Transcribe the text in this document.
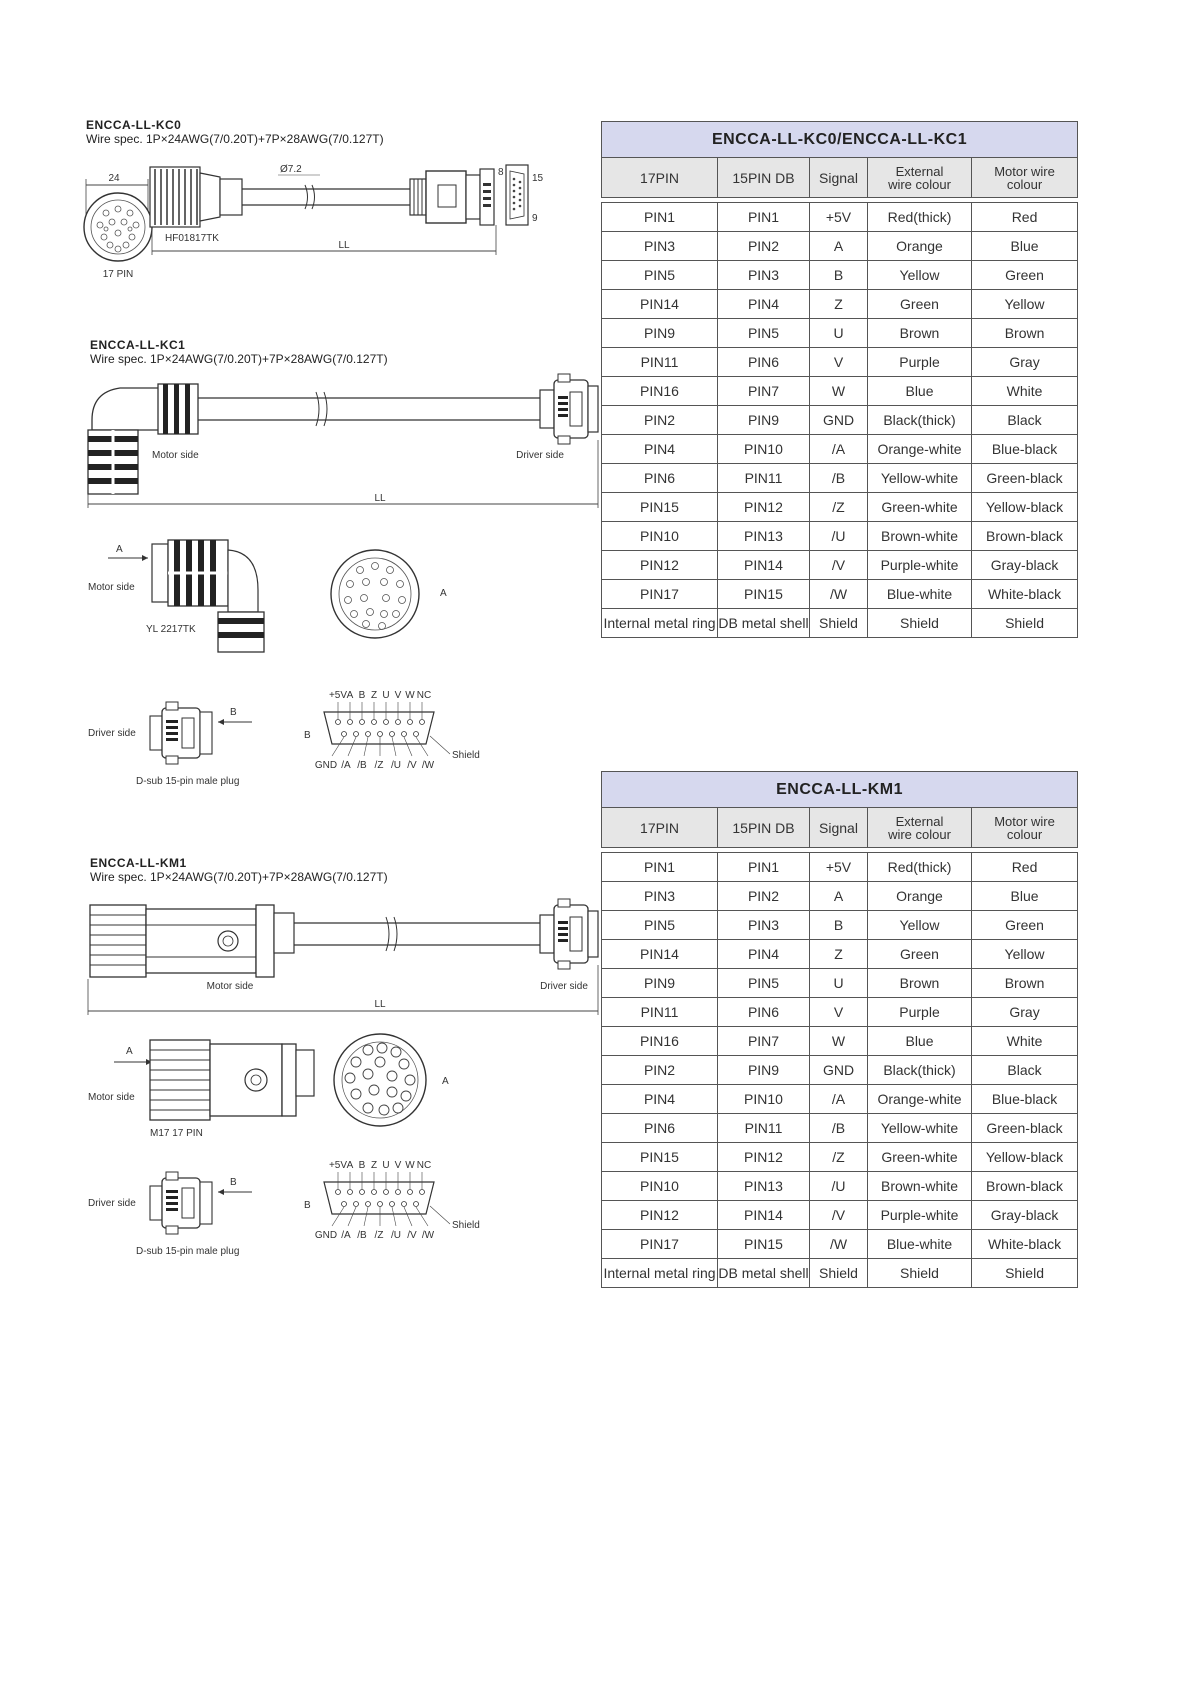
ENCCA-LL-KC0
Wire spec. 1P×24AWG(7/0.20T)+7P×28AWG(7/0.127T)
24
17 PIN
HF01817TK
Ø7.2
15
9
8
LL
ENCCA-LL-KC1
Wire spec. 1P×24AWG(7/0.20T)+7P×28AWG(7/0.127T)
Motor side	Driver side
LL
A
Motor side
YL 2217TK
A
Driver side
B
D-sub 15-pin male plug
B
+5V A B Z U V W NC
GND /A /B /Z /U /V /W
Shield
ENCCA-LL-KM1
Wire spec. 1P×24AWG(7/0.20T)+7P×28AWG(7/0.127T)
Motor side	Driver side
LL
A
Motor side
M17 17 PIN
A
Driver side
B
D-sub 15-pin male plug
B
+5V A B Z U V W NC
GND /A /B /Z /U /V /W
Shield
ENCCA-LL-KC0/ENCCA-LL-KC1				
17PIN	15PIN DB	Signal	External wire colour	Motor wire colour

PIN1	PIN1	+5V	Red(thick)	Red
PIN3	PIN2	A	Orange	Blue
PIN5	PIN3	B	Yellow	Green
PIN14	PIN4	Z	Green	Yellow
PIN9	PIN5	U	Brown	Brown
PIN11	PIN6	V	Purple	Gray
PIN16	PIN7	W	Blue	White
PIN2	PIN9	GND	Black(thick)	Black
PIN4	PIN10	/A	Orange-white	Blue-black
PIN6	PIN11	/B	Yellow-white	Green-black
PIN15	PIN12	/Z	Green-white	Yellow-black
PIN10	PIN13	/U	Brown-white	Brown-black
PIN12	PIN14	/V	Purple-white	Gray-black
PIN17	PIN15	/W	Blue-white	White-black
Internal metal ring	DB metal shell	Shield	Shield	Shield
ENCCA-LL-KM1				
17PIN	15PIN DB	Signal	External wire colour	Motor wire colour

PIN1	PIN1	+5V	Red(thick)	Red
PIN3	PIN2	A	Orange	Blue
PIN5	PIN3	B	Yellow	Green
PIN14	PIN4	Z	Green	Yellow
PIN9	PIN5	U	Brown	Brown
PIN11	PIN6	V	Purple	Gray
PIN16	PIN7	W	Blue	White
PIN2	PIN9	GND	Black(thick)	Black
PIN4	PIN10	/A	Orange-white	Blue-black
PIN6	PIN11	/B	Yellow-white	Green-black
PIN15	PIN12	/Z	Green-white	Yellow-black
PIN10	PIN13	/U	Brown-white	Brown-black
PIN12	PIN14	/V	Purple-white	Gray-black
PIN17	PIN15	/W	Blue-white	White-black
Internal metal ring	DB metal shell	Shield	Shield	Shield
